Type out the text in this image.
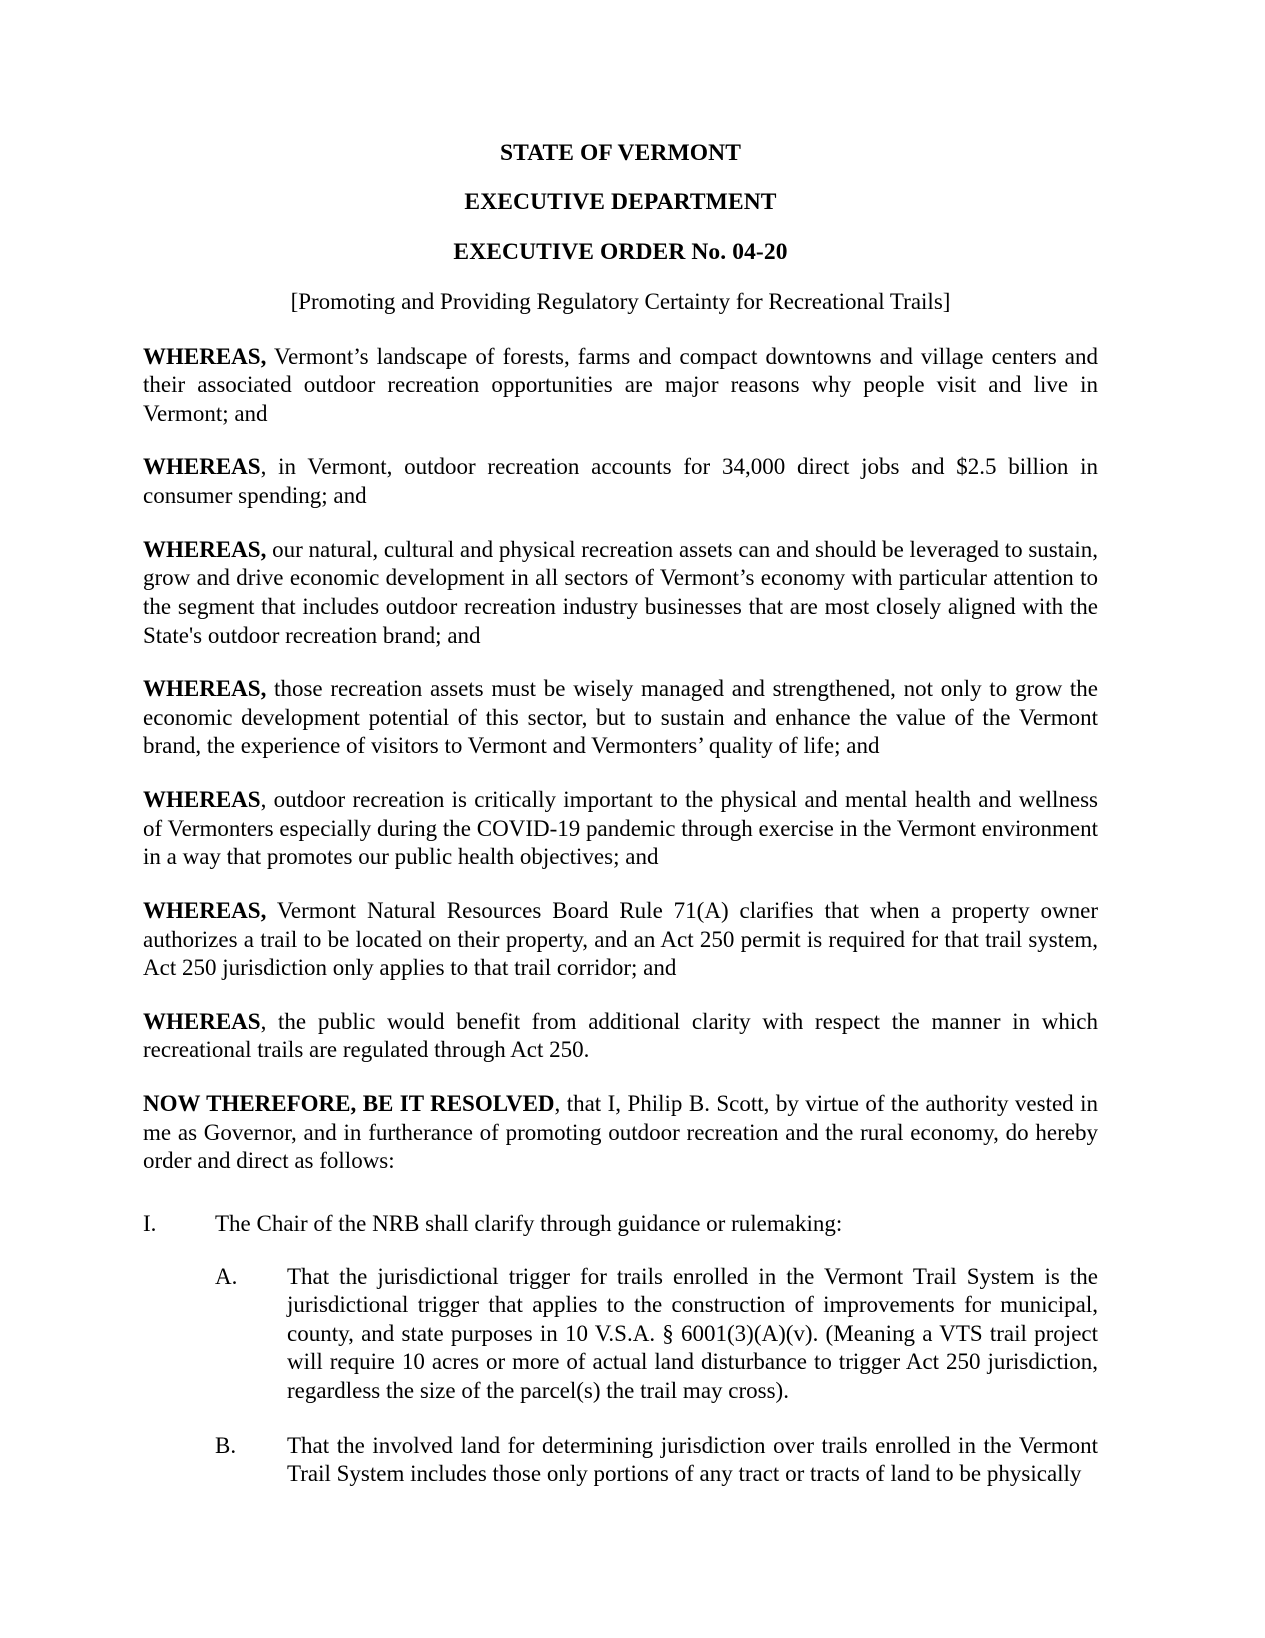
STATE OF VERMONT
EXECUTIVE DEPARTMENT
EXECUTIVE ORDER No. 04-20

[Promoting and Providing Regulatory Certainty for Recreational Trails]

WHEREAS, Vermont’s landscape of forests, farms and compact downtowns and village centers and their associated outdoor recreation opportunities are major reasons why people visit and live in Vermont; and

WHEREAS, in Vermont, outdoor recreation accounts for 34,000 direct jobs and $2.5 billion in consumer spending; and

WHEREAS, our natural, cultural and physical recreation assets can and should be leveraged to sustain, grow and drive economic development in all sectors of Vermont’s economy with particular attention to the segment that includes outdoor recreation industry businesses that are most closely aligned with the State's outdoor recreation brand; and

WHEREAS, those recreation assets must be wisely managed and strengthened, not only to grow the economic development potential of this sector, but to sustain and enhance the value of the Vermont brand, the experience of visitors to Vermont and Vermonters’ quality of life; and

WHEREAS, outdoor recreation is critically important to the physical and mental health and wellness of Vermonters especially during the COVID-19 pandemic through exercise in the Vermont environment in a way that promotes our public health objectives; and

WHEREAS, Vermont Natural Resources Board Rule 71(A) clarifies that when a property owner authorizes a trail to be located on their property, and an Act 250 permit is required for that trail system, Act 250 jurisdiction only applies to that trail corridor; and

WHEREAS, the public would benefit from additional clarity with respect the manner in which recreational trails are regulated through Act 250.

NOW THEREFORE, BE IT RESOLVED, that I, Philip B. Scott, by virtue of the authority vested in me as Governor, and in furtherance of promoting outdoor recreation and the rural economy, do hereby order and direct as follows:

I.	The Chair of the NRB shall clarify through guidance or rulemaking:
A.	That the jurisdictional trigger for trails enrolled in the Vermont Trail System is the jurisdictional trigger that applies to the construction of improvements for municipal, county, and state purposes in 10 V.S.A. § 6001(3)(A)(v). (Meaning a VTS trail project will require 10 acres or more of actual land disturbance to trigger Act 250 jurisdiction, regardless the size of the parcel(s) the trail may cross).
B.	That the involved land for determining jurisdiction over trails enrolled in the Vermont Trail System includes those only portions of any tract or tracts of land to be physically
